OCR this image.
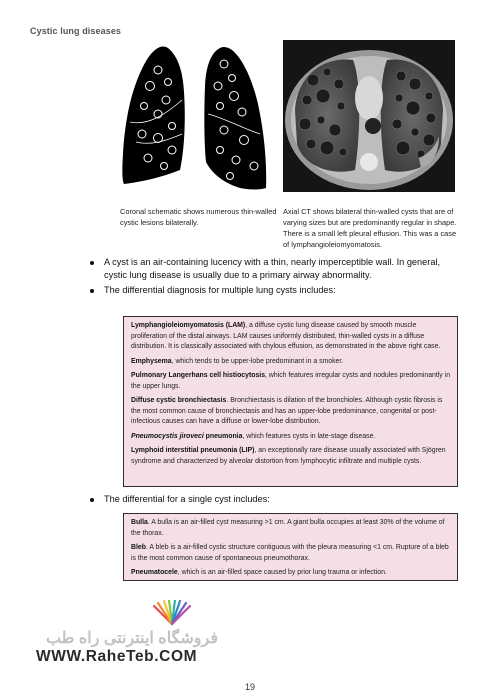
Cystic lung diseases
Coronal schematic shows numerous thin-walled cystic lesions bilaterally.
Axial CT shows bilateral thin-walled cysts that are of varying sizes but are predominantly regular in shape. There is a small left pleural effusion. This was a case of lymphangioleiomyomatosis.
A cyst is an air-containing lucency with a thin, nearly imperceptible wall. In general, cystic lung disease is usually due to a primary airway abnormality.
The differential diagnosis for multiple lung cysts includes:

Lymphangioleiomyomatosis (LAM), a diffuse cystic lung disease caused by smooth muscle proliferation of the distal airways. LAM causes uniformly distributed, thin-walled cysts in a diffuse distribution. It is classically associated with chylous effusion, as demonstrated in the above right case.

Emphysema, which tends to be upper-lobe predominant in a smoker.

Pulmonary Langerhans cell histiocytosis, which features irregular cysts and nodules predominantly in the upper lungs.

Diffuse cystic bronchiectasis. Bronchiectasis is dilation of the bronchioles. Although cystic fibrosis is the most common cause of bronchiectasis and has an upper-lobe predominance, congenital or post-infectious causes can have a diffuse or lower-lobe distribution.

Pneumocystis jiroveci pneumonia, which features cysts in late-stage disease.

Lymphoid interstitial pneumonia (LIP), an exceptionally rare disease usually associated with Sjögren syndrome and characterized by alveolar distortion from lymphocytic infiltrate and multiple cysts.

The differential for a single cyst includes:

Bulla. A bulla is an air-filled cyst measuring >1 cm. A giant bulla occupies at least 30% of the volume of the thorax.

Bleb. A bleb is a air-filled cystic structure contiguous with the pleura measuring <1 cm. Rupture of a bleb is the most common cause of spontaneous pneumothorax.

Pneumatocele, which is an air-filled space caused by prior lung trauma or infection.

فروشگاه اینترنتی راه طب
WWW.RaheTeb.COM
19
